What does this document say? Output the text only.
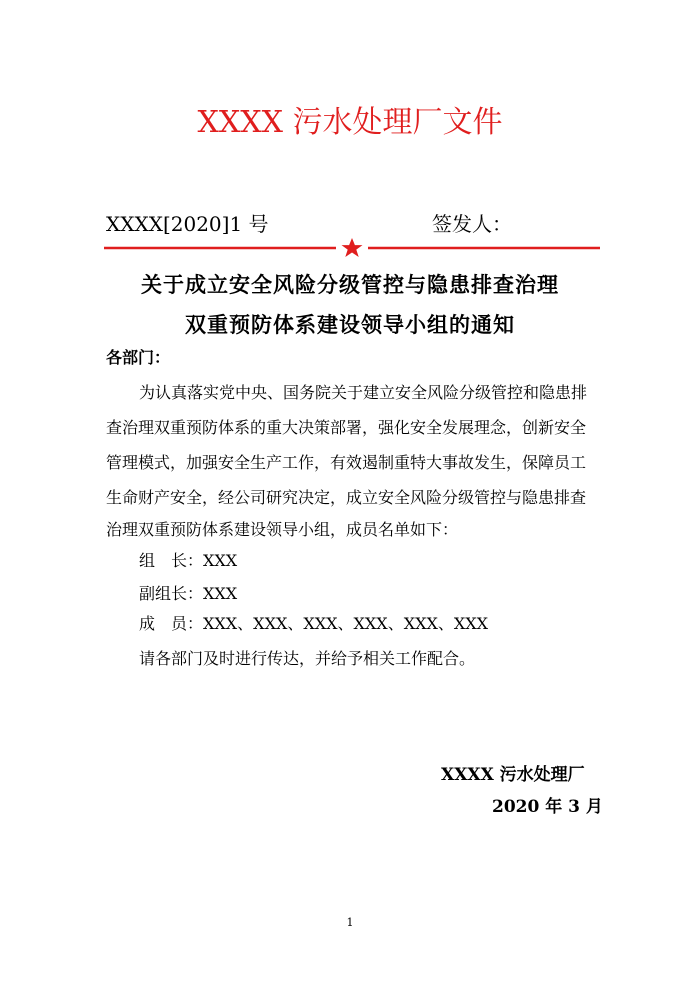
XXXX 污水处理厂文件
XXXX[2020]1 号	签发人：
关于成立安全风险分级管控与隐患排查治理
双重预防体系建设领导小组的通知
各部门：
为认真落实党中央、国务院关于建立安全风险分级管控和隐患排
查治理双重预防体系的重大决策部署，强化安全发展理念，创新安全
管理模式，加强安全生产工作，有效遏制重特大事故发生，保障员工
生命财产安全，经公司研究决定，成立安全风险分级管控与隐患排查
治理双重预防体系建设领导小组，成员名单如下：
组　长：XXX
副组长：XXX
成　员：XXX、XXX、XXX、XXX、XXX、XXX
请各部门及时进行传达，并给予相关工作配合。
XXXX 污水处理厂
2020 年 3 月
1
